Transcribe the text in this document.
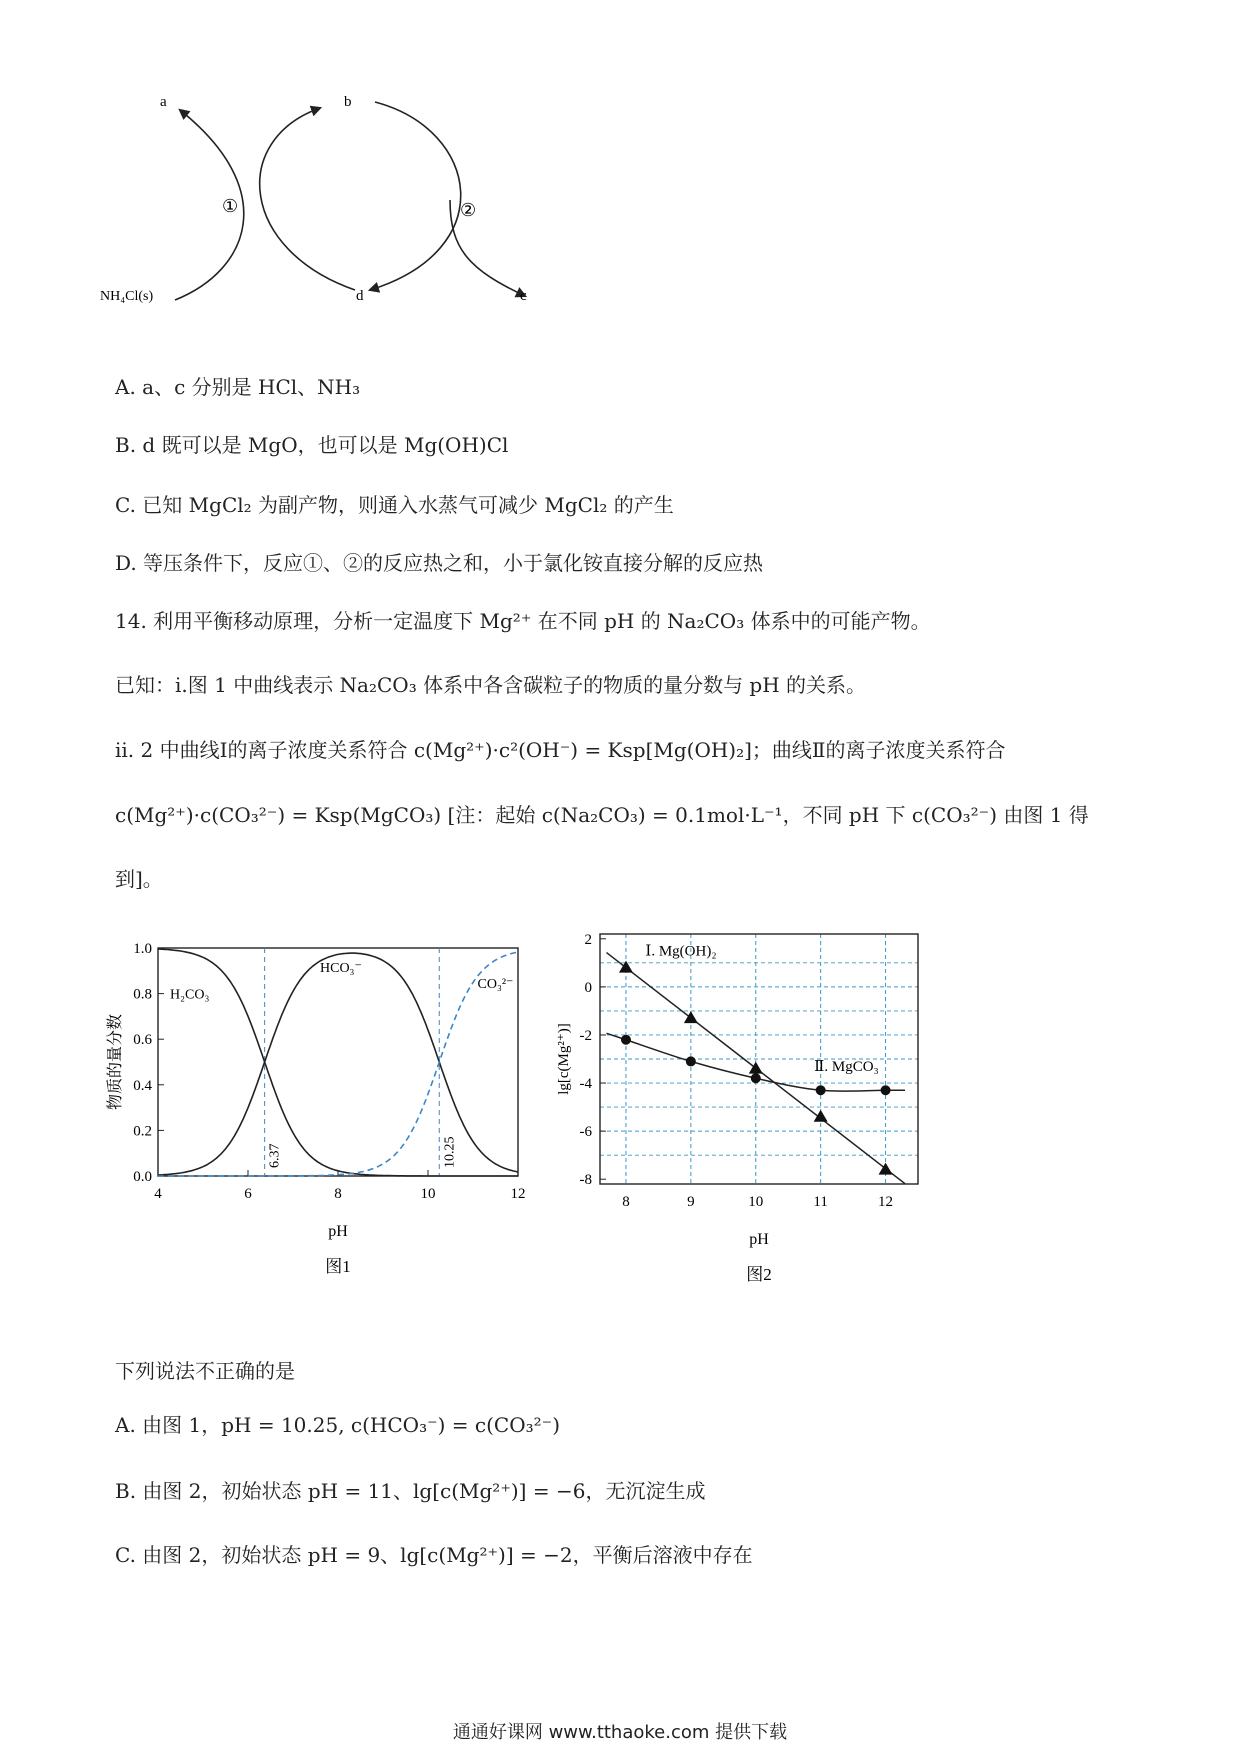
a	b
c
d
NH₄Cl(s)
①	②
A. a、c 分别是 HCl、NH₃
B. d 既可以是 MgO，也可以是 Mg(OH)Cl
C. 已知 MgCl₂ 为副产物，则通入水蒸气可减少 MgCl₂ 的产生
D. 等压条件下，反应①、②的反应热之和，小于氯化铵直接分解的反应热
14. 利用平衡移动原理，分析一定温度下 Mg²⁺ 在不同 pH 的 Na₂CO₃ 体系中的可能产物。
已知：i.图 1 中曲线表示 Na₂CO₃ 体系中各含碳粒子的物质的量分数与 pH 的关系。
ii. 2 中曲线Ⅰ的离子浓度关系符合 c(Mg²⁺)·c²(OH⁻) = Ksp[Mg(OH)₂]；曲线Ⅱ的离子浓度关系符合
c(Mg²⁺)·c(CO₃²⁻) = Ksp(MgCO₃) [注：起始 c(Na₂CO₃) = 0.1mol·L⁻¹，不同 pH 下 c(CO₃²⁻) 由图 1 得
到]。
4	6	8	10	12
0.0
0.2
0.4
0.6
0.8
1.0
6.37	10.25
H₂CO₃
HCO₃⁻
CO₃²⁻
pH
物质的量分数
图1
8	9	10	11	12
2
0
-2
-4
-6
-8
Ⅰ. Mg(OH)₂
Ⅱ. MgCO₃
pH
lg[c(Mg²⁺)]
图2
下列说法不正确的是
A. 由图 1，pH = 10.25, c(HCO₃⁻) = c(CO₃²⁻)
B. 由图 2，初始状态 pH = 11、lg[c(Mg²⁺)] = −6，无沉淀生成
C. 由图 2，初始状态 pH = 9、lg[c(Mg²⁺)] = −2，平衡后溶液中存在
通通好课网 www.tthaoke.com 提供下载
